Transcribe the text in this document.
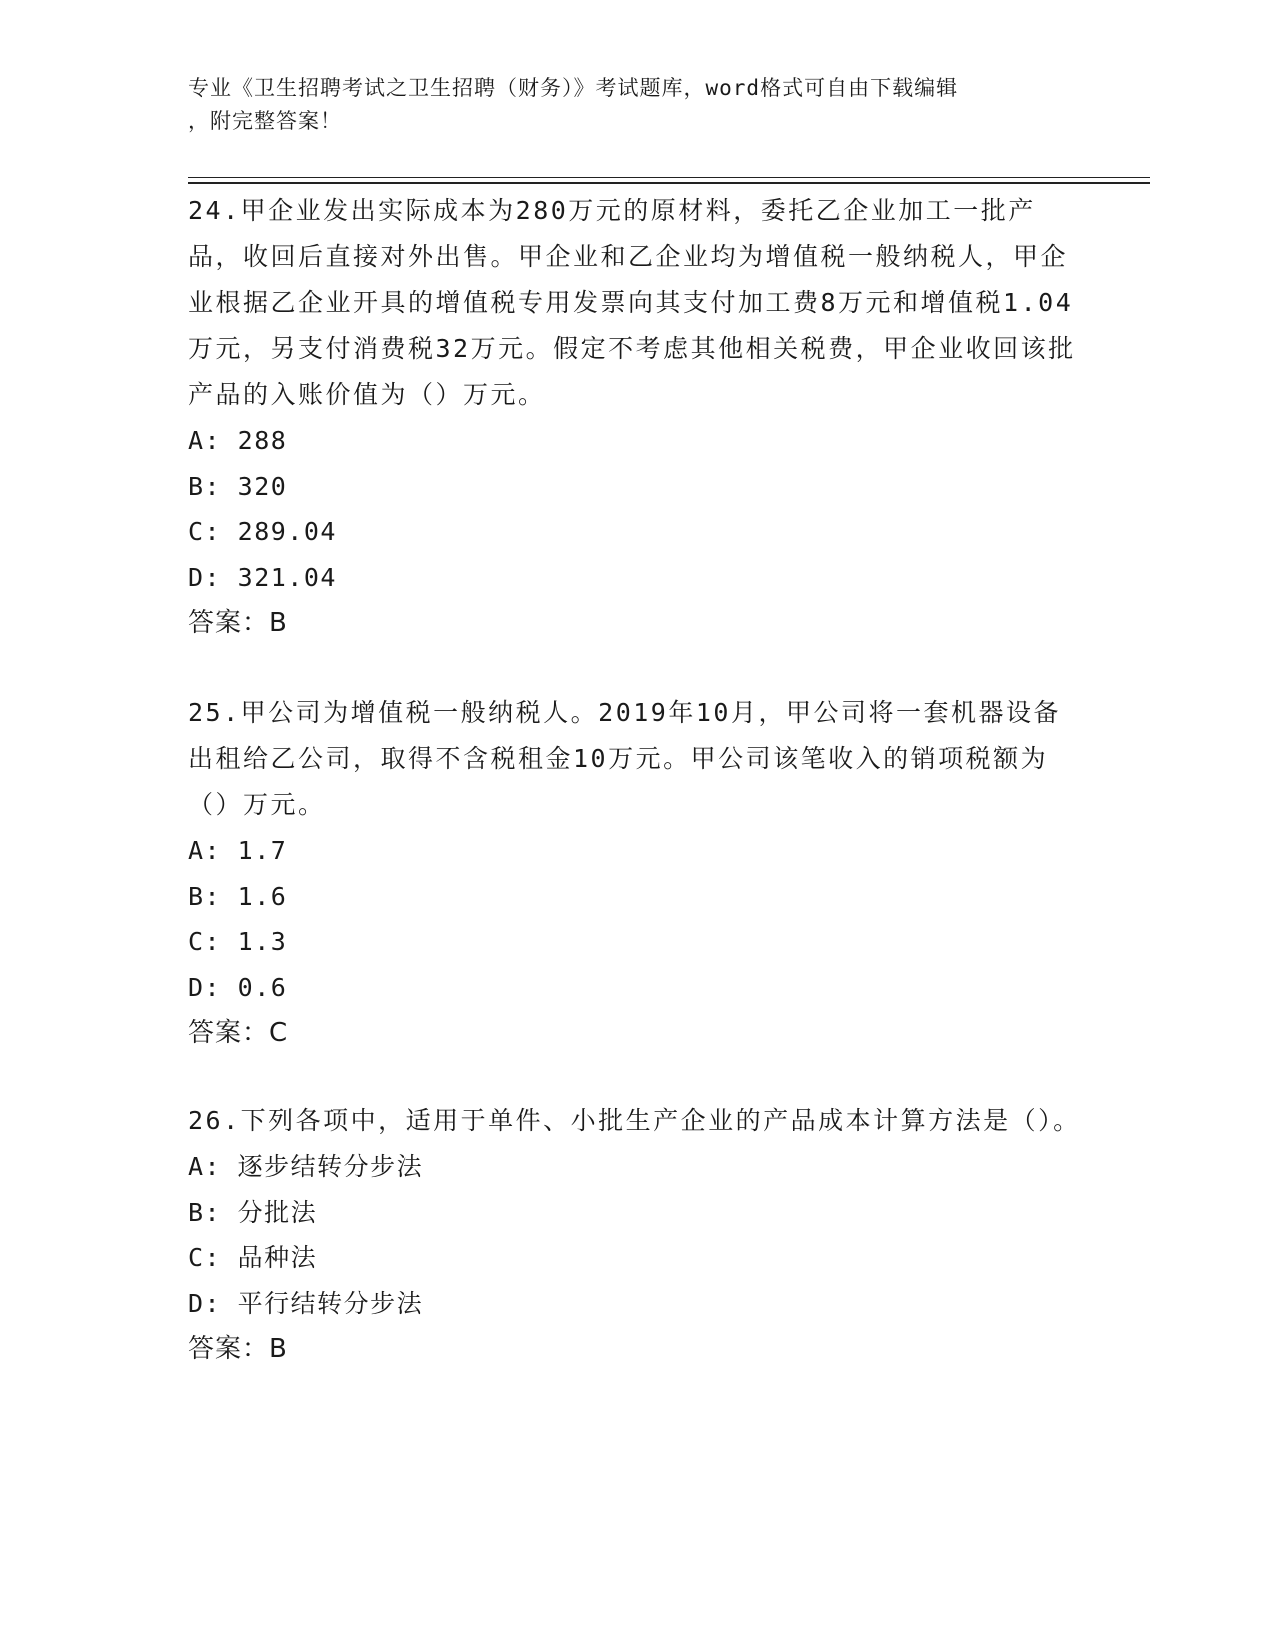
专业《卫生招聘考试之卫生招聘（财务）》考试题库，word格式可自由下载编辑
，附完整答案！

24.甲企业发出实际成本为280万元的原材料，委托乙企业加工一批产品，收回后直接对外出售。甲企业和乙企业均为增值税一般纳税人，甲企业根据乙企业开具的增值税专用发票向其支付加工费8万元和增值税1.04万元，另支付消费税32万元。假定不考虑其他相关税费，甲企业收回该批产品的入账价值为（）万元。

A: 288

B: 320

C: 289.04

D: 321.04

答案：B

25.甲公司为增值税一般纳税人。2019年10月，甲公司将一套机器设备出租给乙公司，取得不含税租金10万元。甲公司该笔收入的销项税额为（）万元。

A: 1.7

B: 1.6

C: 1.3

D: 0.6

答案：C

26.下列各项中，适用于单件、小批生产企业的产品成本计算方法是（）。

A: 逐步结转分步法

B: 分批法

C: 品种法

D: 平行结转分步法

答案：B
